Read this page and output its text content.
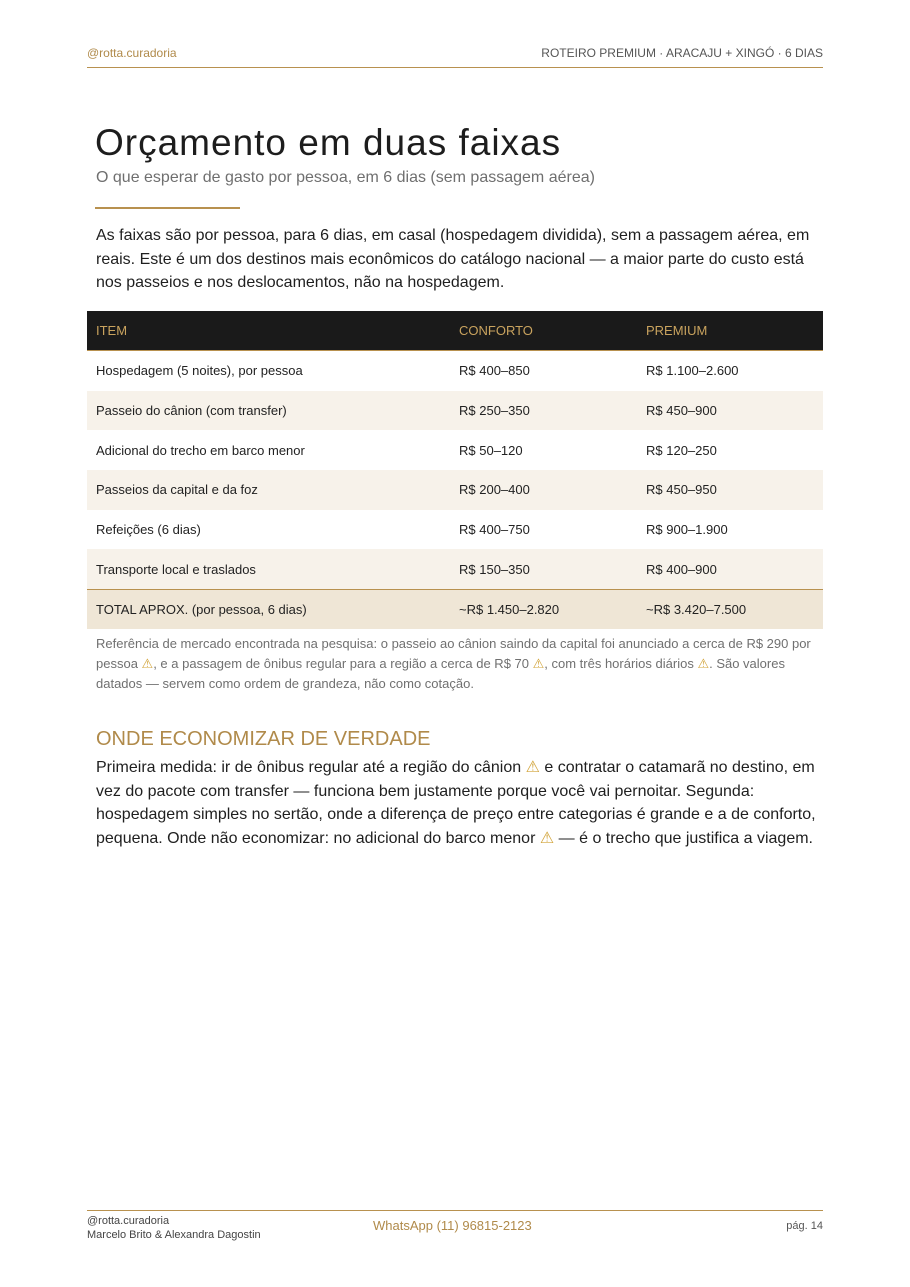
@rotta.curadoria	ROTEIRO PREMIUM · ARACAJU + XINGÓ · 6 DIAS
Orçamento em duas faixas
O que esperar de gasto por pessoa, em 6 dias (sem passagem aérea)

As faixas são por pessoa, para 6 dias, em casal (hospedagem dividida), sem a passagem aérea, em reais. Este é um dos destinos mais econômicos do catálogo nacional — a maior parte do custo está nos passeios e nos deslocamentos, não na hospedagem.

ITEM	CONFORTO	PREMIUM
Hospedagem (5 noites), por pessoa	R$ 400–850	R$ 1.100–2.600
Passeio do cânion (com transfer)	R$ 250–350	R$ 450–900
Adicional do trecho em barco menor	R$ 50–120	R$ 120–250
Passeios da capital e da foz	R$ 200–400	R$ 450–950
Refeições (6 dias)	R$ 400–750	R$ 900–1.900
Transporte local e traslados	R$ 150–350	R$ 400–900
TOTAL APROX. (por pessoa, 6 dias)	~R$ 1.450–2.820	~R$ 3.420–7.500

Referência de mercado encontrada na pesquisa: o passeio ao cânion saindo da capital foi anunciado a cerca de R$ 290 por pessoa ⚠, e a passagem de ônibus regular para a região a cerca de R$ 70 ⚠, com três horários diários ⚠. São valores datados — servem como ordem de grandeza, não como cotação.

ONDE ECONOMIZAR DE VERDADE

Primeira medida: ir de ônibus regular até a região do cânion ⚠ e contratar o catamarã no destino, em vez do pacote com transfer — funciona bem justamente porque você vai pernoitar. Segunda: hospedagem simples no sertão, onde a diferença de preço entre categorias é grande e a de conforto, pequena. Onde não economizar: no adicional do barco menor ⚠ — é o trecho que justifica a viagem.

@rotta.curadoria
Marcelo Brito & Alexandra Dagostin
WhatsApp (11) 96815-2123	pág. 14
